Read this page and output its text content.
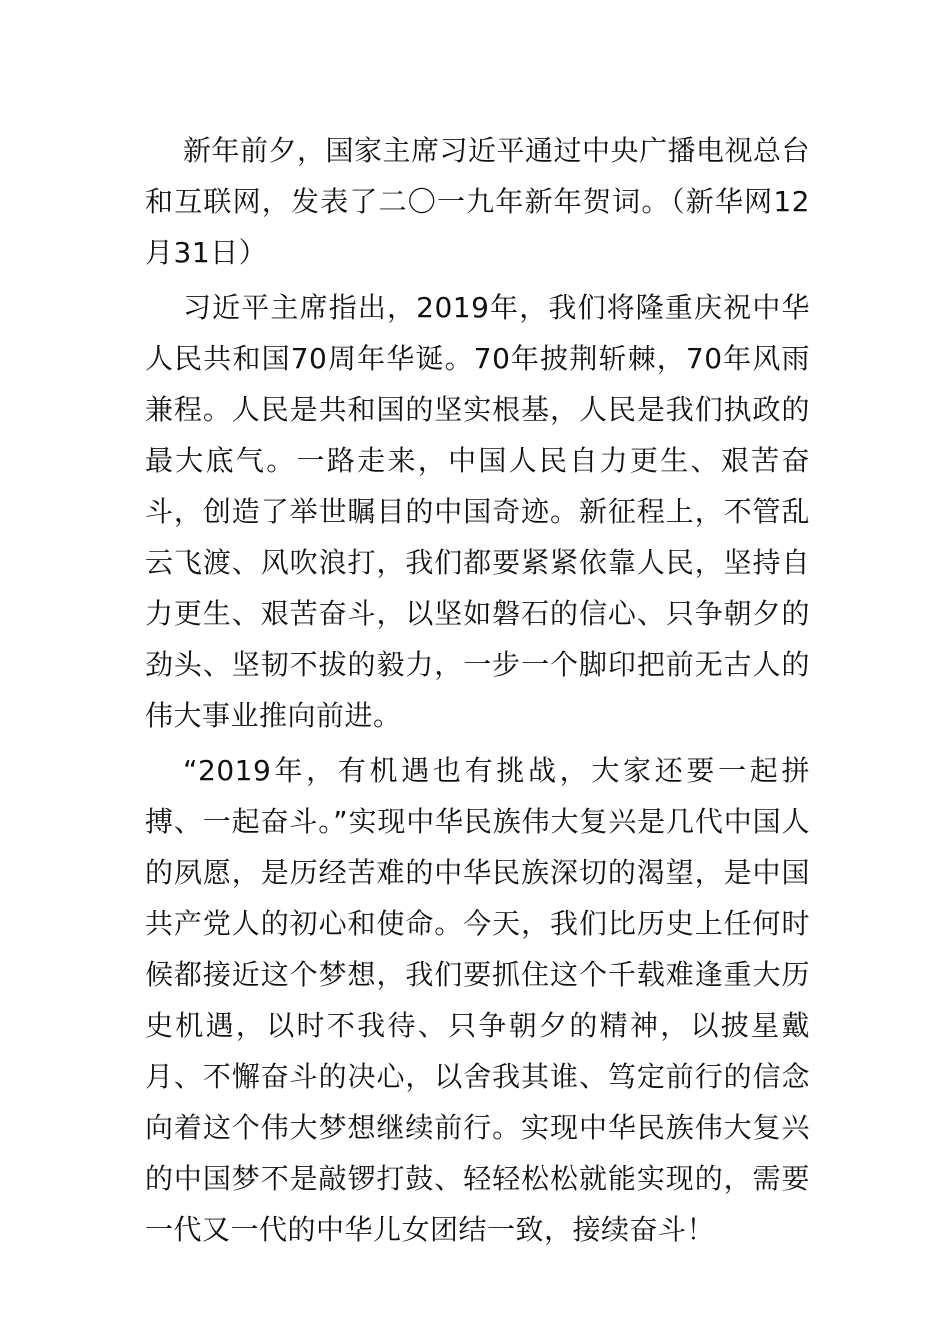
新年前夕，国家主席习近平通过中央广播电视总台和互联网，发表了二〇一九年新年贺词。（新华网12月31日）

习近平主席指出，2019年，我们将隆重庆祝中华人民共和国70周年华诞。70年披荆斩棘，70年风雨兼程。人民是共和国的坚实根基，人民是我们执政的最大底气。一路走来，中国人民自力更生、艰苦奋斗，创造了举世瞩目的中国奇迹。新征程上，不管乱云飞渡、风吹浪打，我们都要紧紧依靠人民，坚持自力更生、艰苦奋斗，以坚如磐石的信心、只争朝夕的劲头、坚韧不拔的毅力，一步一个脚印把前无古人的伟大事业推向前进。

“2019年，有机遇也有挑战，大家还要一起拼搏、一起奋斗。”实现中华民族伟大复兴是几代中国人的夙愿，是历经苦难的中华民族深切的渴望，是中国共产党人的初心和使命。今天，我们比历史上任何时候都接近这个梦想，我们要抓住这个千载难逢重大历史机遇，以时不我待、只争朝夕的精神，以披星戴月、不懈奋斗的决心，以舍我其谁、笃定前行的信念向着这个伟大梦想继续前行。实现中华民族伟大复兴的中国梦不是敲锣打鼓、轻轻松松就能实现的，需要一代又一代的中华儿女团结一致，接续奋斗！
